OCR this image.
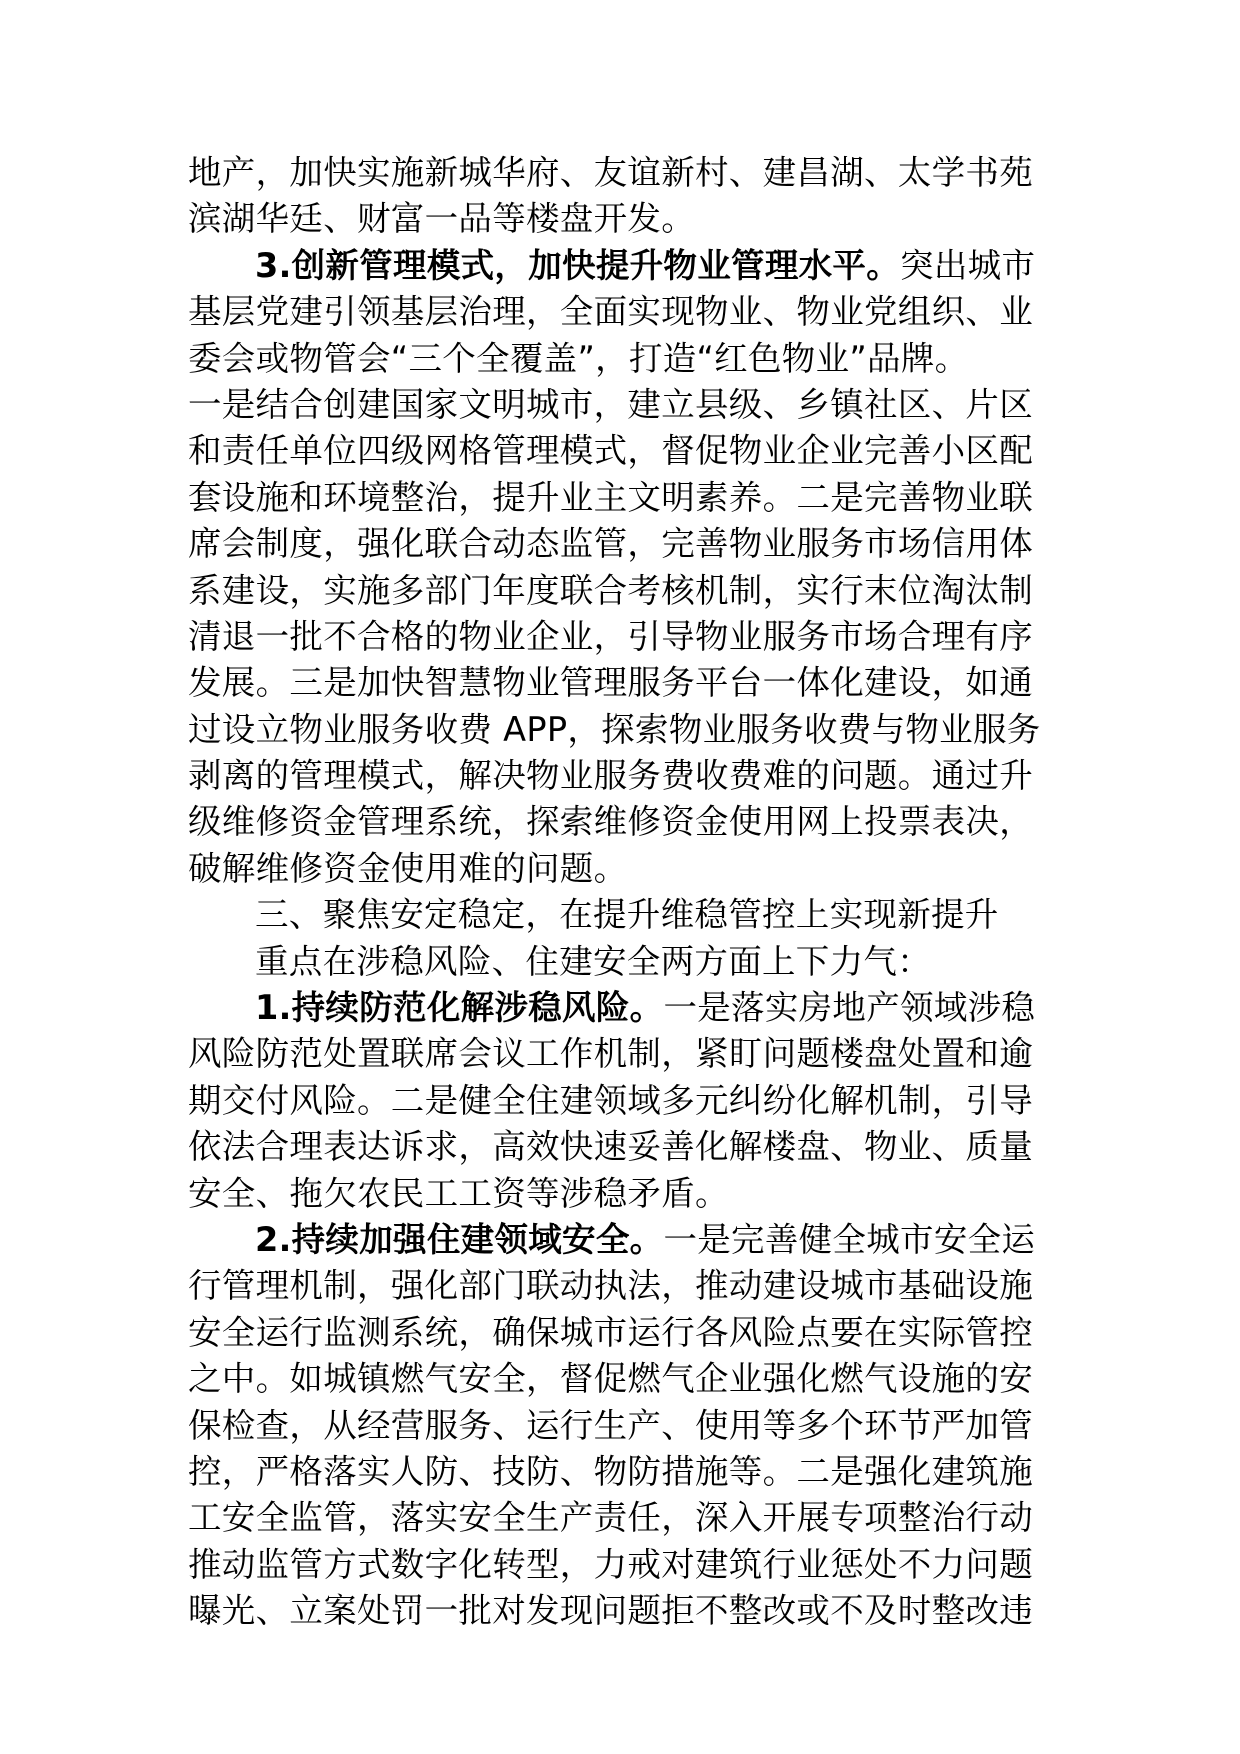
地产，加快实施新城华府、友谊新村、建昌湖、太学书苑
滨湖华廷、财富一品等楼盘开发。
3.创新管理模式，加快提升物业管理水平。突出城市
基层党建引领基层治理，全面实现物业、物业党组织、业
委会或物管会“三个全覆盖”，打造“红色物业”品牌。
一是结合创建国家文明城市，建立县级、乡镇社区、片区
和责任单位四级网格管理模式，督促物业企业完善小区配
套设施和环境整治，提升业主文明素养。二是完善物业联
席会制度，强化联合动态监管，完善物业服务市场信用体
系建设，实施多部门年度联合考核机制，实行末位淘汰制
清退一批不合格的物业企业，引导物业服务市场合理有序
发展。三是加快智慧物业管理服务平台一体化建设，如通
过设立物业服务收费 APP，探索物业服务收费与物业服务
剥离的管理模式，解决物业服务费收费难的问题。通过升
级维修资金管理系统，探索维修资金使用网上投票表决，
破解维修资金使用难的问题。
三、聚焦安定稳定，在提升维稳管控上实现新提升
重点在涉稳风险、住建安全两方面上下力气：
1.持续防范化解涉稳风险。一是落实房地产领域涉稳
风险防范处置联席会议工作机制，紧盯问题楼盘处置和逾
期交付风险。二是健全住建领域多元纠纷化解机制，引导
依法合理表达诉求，高效快速妥善化解楼盘、物业、质量
安全、拖欠农民工工资等涉稳矛盾。
2.持续加强住建领域安全。一是完善健全城市安全运
行管理机制，强化部门联动执法，推动建设城市基础设施
安全运行监测系统，确保城市运行各风险点要在实际管控
之中。如城镇燃气安全，督促燃气企业强化燃气设施的安
保检查，从经营服务、运行生产、使用等多个环节严加管
控，严格落实人防、技防、物防措施等。二是强化建筑施
工安全监管，落实安全生产责任，深入开展专项整治行动
推动监管方式数字化转型，力戒对建筑行业惩处不力问题
曝光、立案处罚一批对发现问题拒不整改或不及时整改违
